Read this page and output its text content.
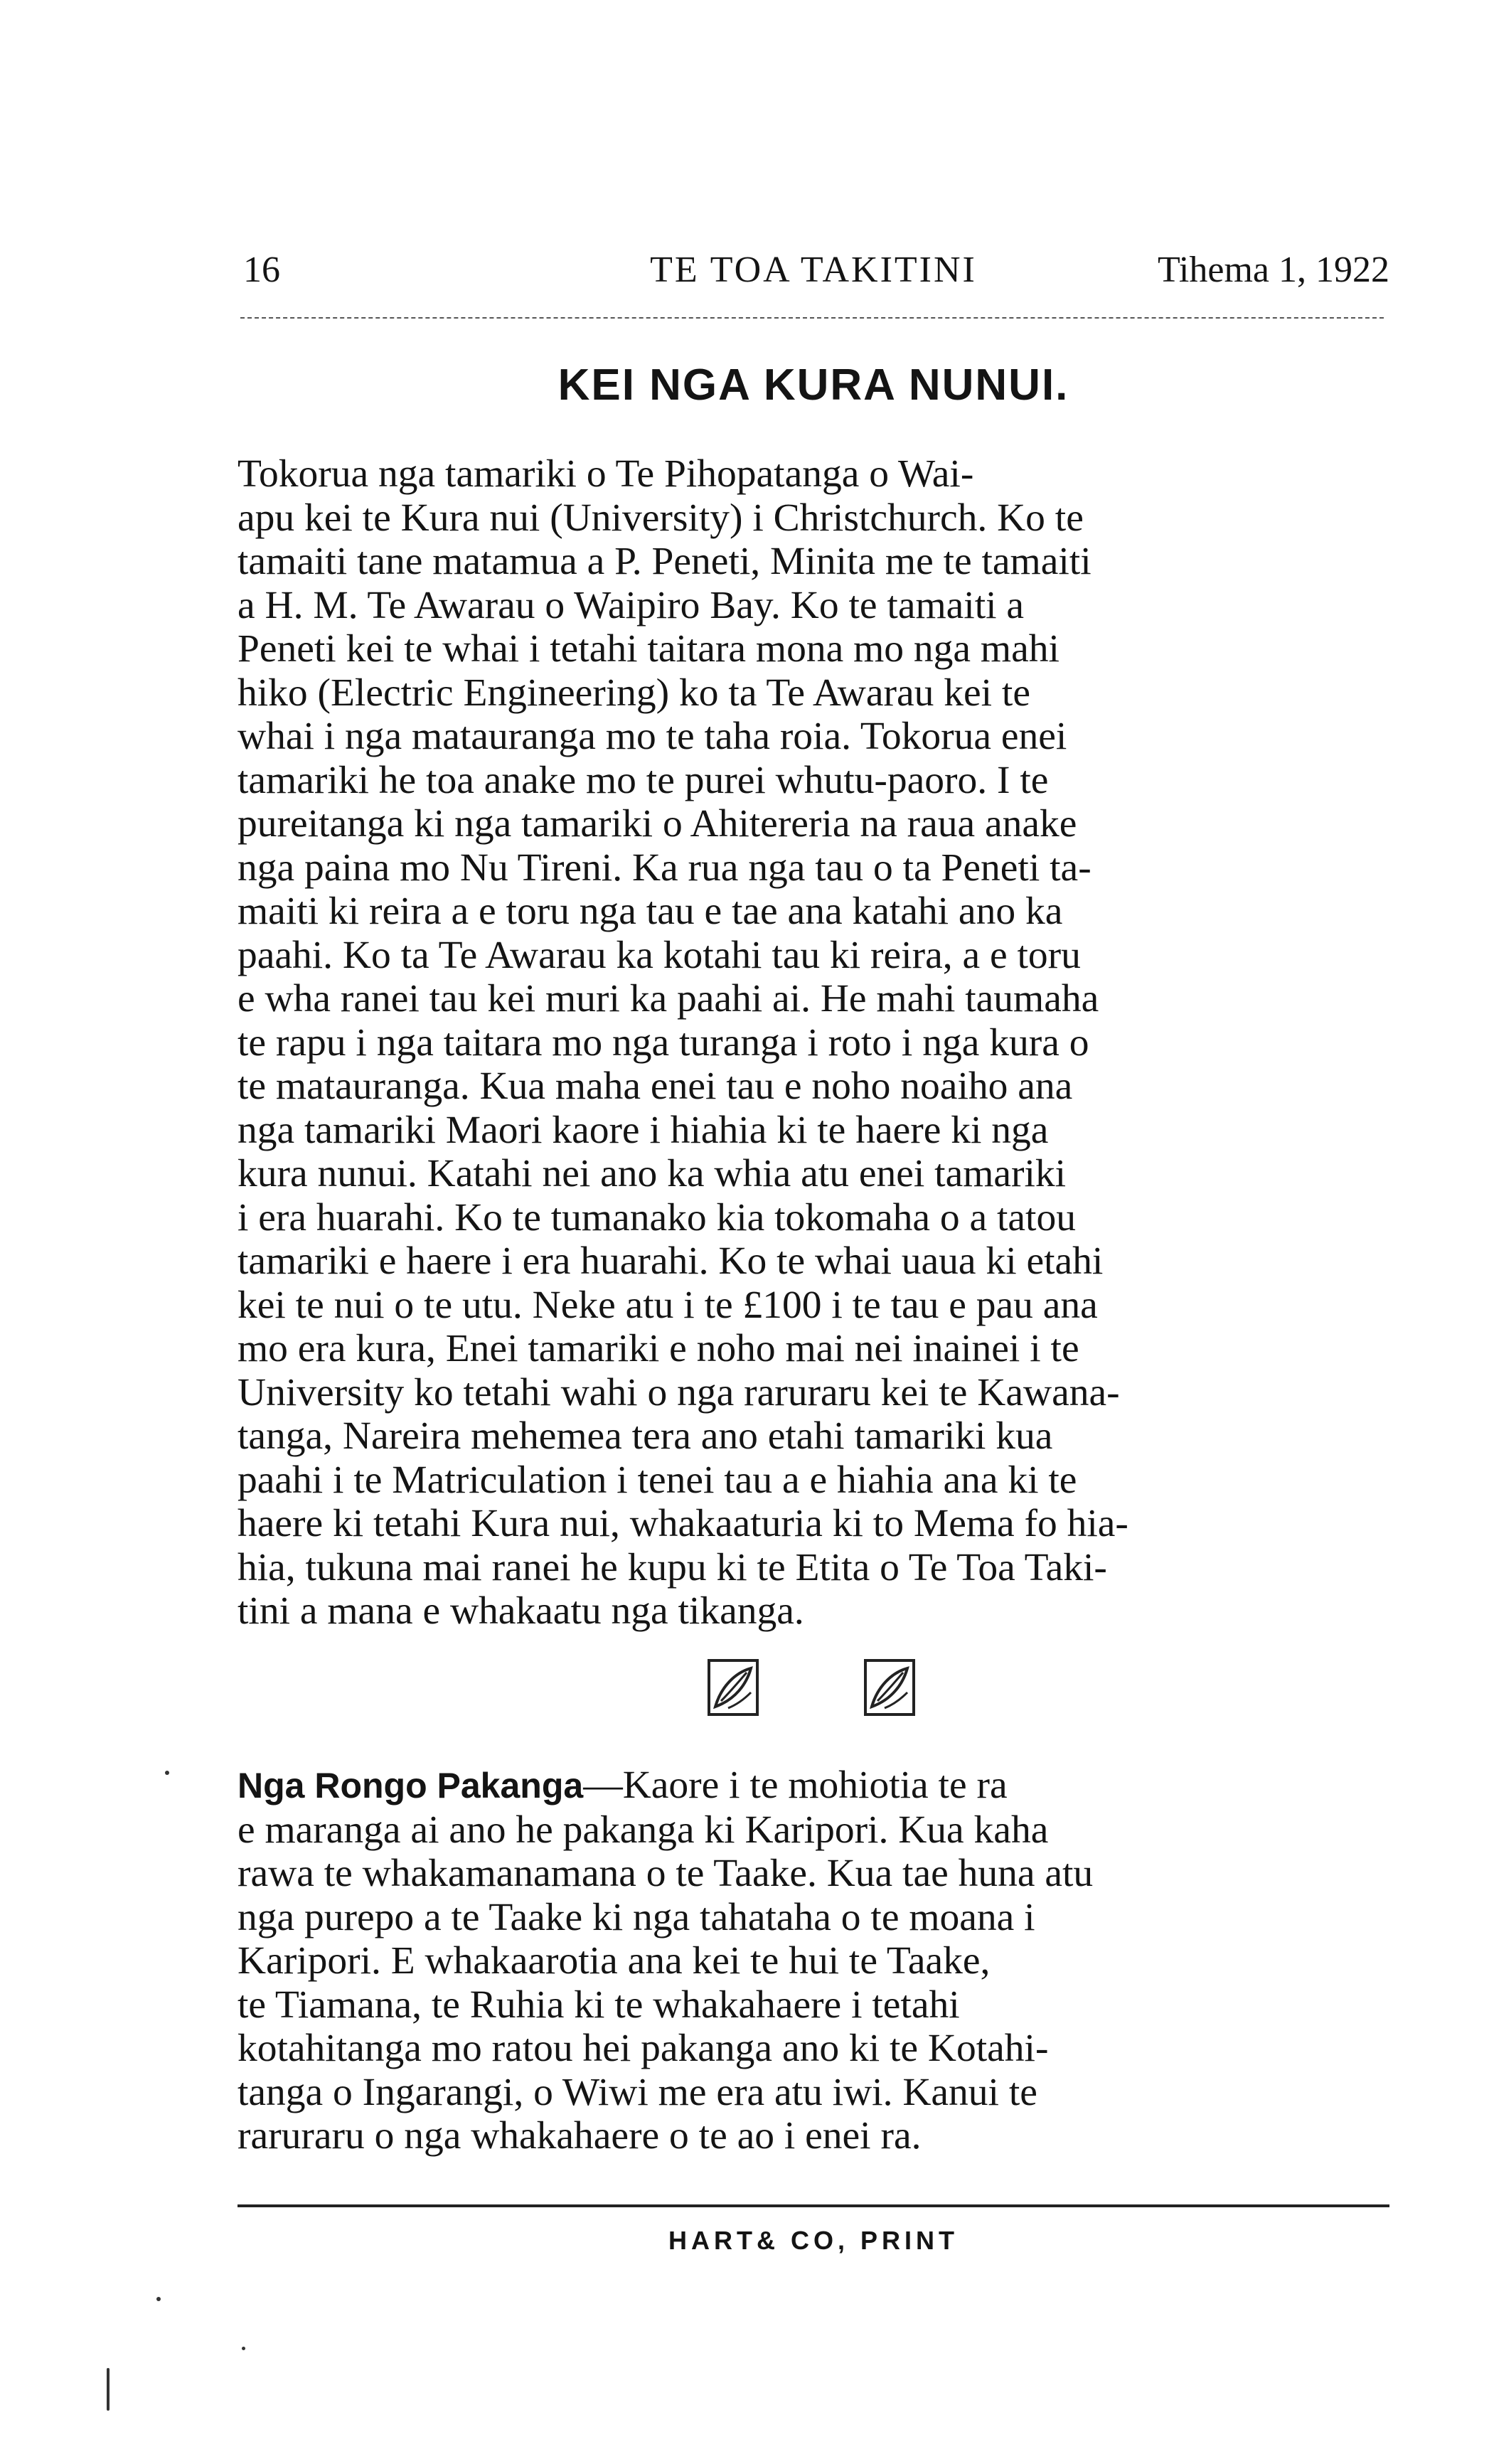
16	TE TOA TAKITINI	Tihema 1, 1922
KEI NGA KURA NUNUI.
Tokorua nga tamariki o Te Pihopatanga o Wai-
apu kei te Kura nui (University) i Christchurch. Ko te
tamaiti tane matamua a P. Peneti, Minita me te tamaiti
a H. M. Te Awarau o Waipiro Bay. Ko te tamaiti a
Peneti kei te whai i tetahi taitara mona mo nga mahi
hiko (Electric Engineering) ko ta Te Awarau kei te
whai i nga matauranga mo te taha roia. Tokorua enei
tamariki he toa anake mo te purei whutu-paoro. I te
pureitanga ki nga tamariki o Ahitereria na raua anake
nga paina mo Nu Tireni. Ka rua nga tau o ta Peneti ta-
maiti ki reira a e toru nga tau e tae ana katahi ano ka
paahi. Ko ta Te Awarau ka kotahi tau ki reira, a e toru
e wha ranei tau kei muri ka paahi ai. He mahi taumaha
te rapu i nga taitara mo nga turanga i roto i nga kura o
te matauranga. Kua maha enei tau e noho noaiho ana
nga tamariki Maori kaore i hiahia ki te haere ki nga
kura nunui. Katahi nei ano ka whia atu enei tamariki
i era huarahi. Ko te tumanako kia tokomaha o a tatou
tamariki e haere i era huarahi. Ko te whai uaua ki etahi
kei te nui o te utu. Neke atu i te £100 i te tau e pau ana
mo era kura, Enei tamariki e noho mai nei inainei i te
University ko tetahi wahi o nga raruraru kei te Kawana-
tanga, Nareira mehemea tera ano etahi tamariki kua
paahi i te Matriculation i tenei tau a e hiahia ana ki te
haere ki tetahi Kura nui, whakaaturia ki to Mema fo hia-
hia, tukuna mai ranei he kupu ki te Etita o Te Toa Taki-
tini a mana e whakaatu nga tikanga.
Nga Rongo Pakanga—Kaore i te mohiotia te ra
e maranga ai ano he pakanga ki Karipori. Kua kaha
rawa te whakamanamana o te Taake. Kua tae huna atu
nga purepo a te Taake ki nga tahataha o te moana i
Karipori. E whakaarotia ana kei te hui te Taake,
te Tiamana, te Ruhia ki te whakahaere i tetahi
kotahitanga mo ratou hei pakanga ano ki te Kotahi-
tanga o Ingarangi, o Wiwi me era atu iwi. Kanui te
raruraru o nga whakahaere o te ao i enei ra.
HART& CO, PRINT
